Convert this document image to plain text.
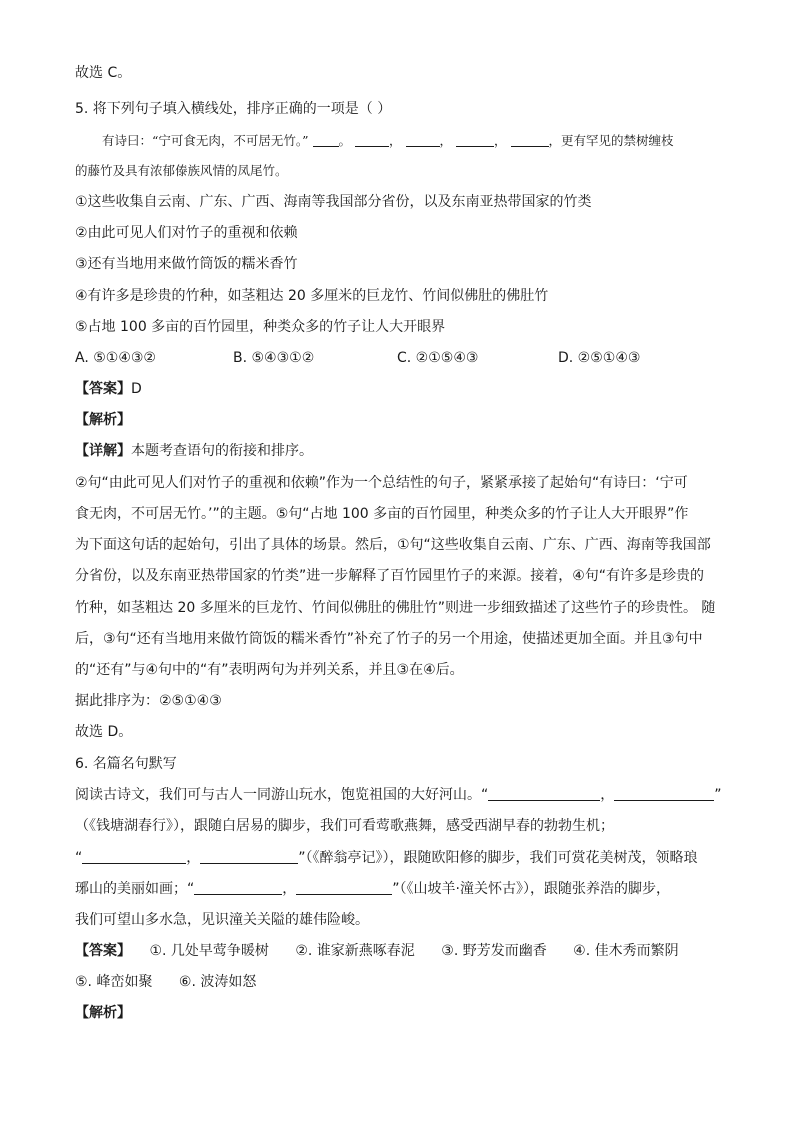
故选 C。
5. 将下列句子填入横线处，排序正确的一项是（ ）
有诗曰：“宁可食无肉，不可居无竹。” 。	，	，	，	，更有罕见的禁树缠枝
的藤竹及具有浓郁傣族风情的凤尾竹。
①这些收集自云南、广东、广西、海南等我国部分省份，以及东南亚热带国家的竹类
②由此可见人们对竹子的重视和依赖
③还有当地用来做竹筒饭的糯米香竹
④有许多是珍贵的竹种，如茎粗达 20 多厘米的巨龙竹、竹间似佛肚的佛肚竹
⑤占地 100 多亩的百竹园里，种类众多的竹子让人大开眼界
A. ⑤①④③②	B. ⑤④③①②	C. ②①⑤④③	D. ②⑤①④③
【答案】D
【解析】
【详解】本题考查语句的衔接和排序。
②句“由此可见人们对竹子的重视和依赖”作为一个总结性的句子，紧紧承接了起始句“有诗曰：‘宁可
食无肉，不可居无竹。’”的主题。⑤句“占地 100 多亩的百竹园里，种类众多的竹子让人大开眼界”作
为下面这句话的起始句，引出了具体的场景。然后，①句“这些收集自云南、广东、广西、海南等我国部
分省份，以及东南亚热带国家的竹类”进一步解释了百竹园里竹子的来源。接着，④句“有许多是珍贵的
竹种，如茎粗达 20 多厘米的巨龙竹、竹间似佛肚的佛肚竹”则进一步细致描述了这些竹子的珍贵性。 随
后，③句“还有当地用来做竹筒饭的糯米香竹”补充了竹子的另一个用途，使描述更加全面。并且③句中
的“还有”与④句中的“有”表明两句为并列关系，并且③在④后。
据此排序为：②⑤①④③
故选 D。
6. 名篇名句默写
阅读古诗文，我们可与古人一同游山玩水，饱览祖国的大好河山。“	，	”
（《钱塘湖春行》），跟随白居易的脚步，我们可看莺歌燕舞，感受西湖早春的勃勃生机；
“	，	”（《醉翁亭记》），跟随欧阳修的脚步，我们可赏花美树茂，领略琅
琊山的美丽如画；“	，	”（《山坡羊·潼关怀古》），跟随张养浩的脚步，
我们可望山多水急，见识潼关关隘的雄伟险峻。
【答案】 ①. 几处早莺争暖树 ②. 谁家新燕啄春泥 ③. 野芳发而幽香 ④. 佳木秀而繁阴
⑤. 峰峦如聚 ⑥. 波涛如怒
【解析】
